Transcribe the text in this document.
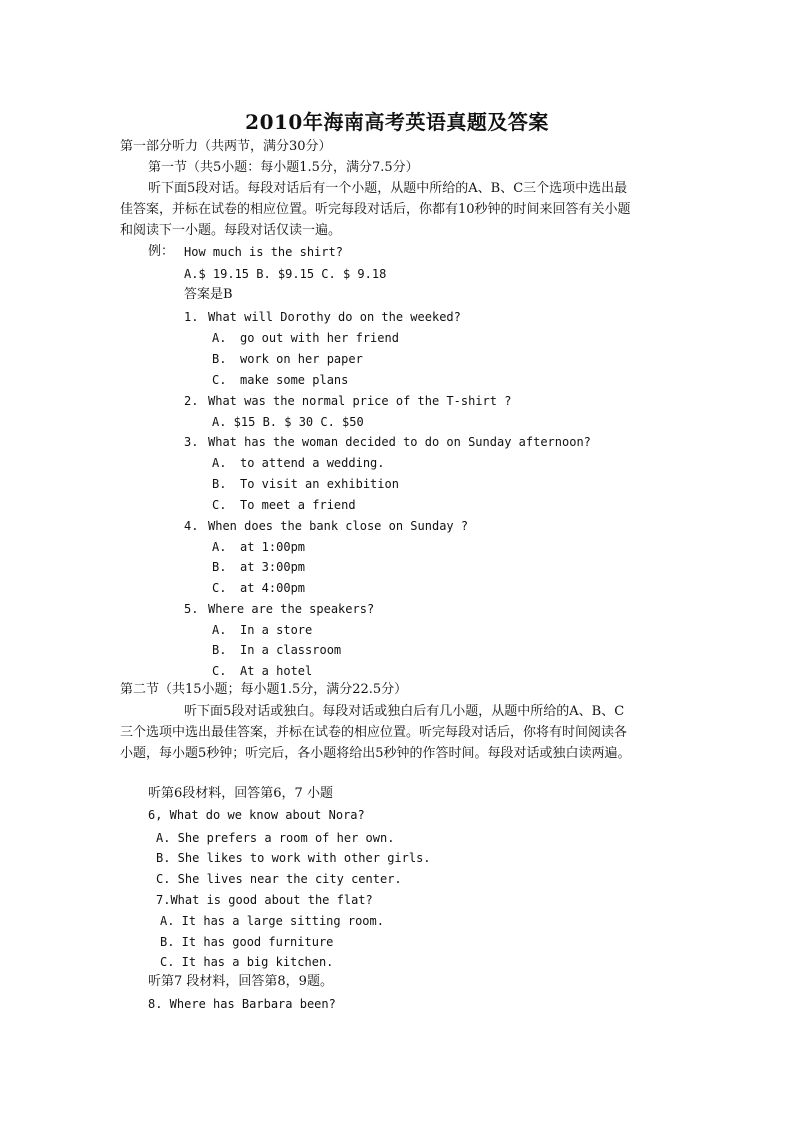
2010年海南高考英语真题及答案
第一部分听力（共两节，满分30分）
第一节（共5小题：每小题1.5分，满分7.5分）
听下面5段对话。每段对话后有一个小题，从题中所给的A、B、C三个选项中选出最
佳答案，并标在试卷的相应位置。听完每段对话后，你都有10秒钟的时间来回答有关小题
和阅读下一小题。每段对话仅读一遍。
例： How much is the shirt?
A.$ 19.15 B. $9.15 C. $ 9.18
答案是B
1. What will Dorothy do on the weeked?
A. go out with her friend
B. work on her paper
C. make some plans
2. What was the normal price of the T-shirt ?
A. $15 B. $ 30 C. $50
3. What has the woman decided to do on Sunday afternoon?
A. to attend a wedding.
B. To visit an exhibition
C. To meet a friend
4. When does the bank close on Sunday ?
A. at 1:00pm
B. at 3:00pm
C. at 4:00pm
5. Where are the speakers?
A. In a store
B. In a classroom
C. At a hotel
第二节（共15小题；每小题1.5分，满分22.5分）
听下面5段对话或独白。每段对话或独白后有几小题，从题中所给的A、B、C
三个选项中选出最佳答案，并标在试卷的相应位置。听完每段对话后，你将有时间阅读各
小题，每小题5秒钟；听完后，各小题将给出5秒钟的作答时间。每段对话或独白读两遍。
听第6段材料，回答第6，7 小题
6, What do we know about Nora?
A. She prefers a room of her own.
B. She likes to work with other girls.
C. She lives near the city center.
7.What is good about the flat?
A. It has a large sitting room.
B. It has good furniture
C. It has a big kitchen.
听第7 段材料，回答第8，9题。
8. Where has Barbara been?
